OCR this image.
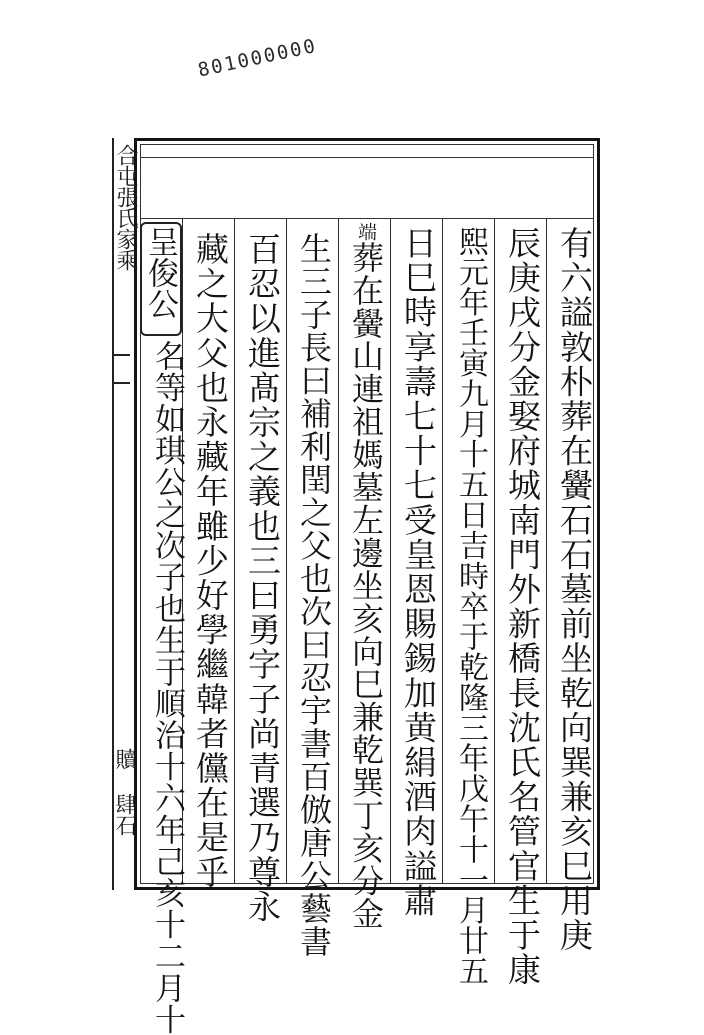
801000000
合屯張氏家乘
贖 肆石	有六謚敦朴葬在黌石石墓前坐乾向巽兼亥巳用庚
辰庚戌分金娶府城南門外新橋長沈氏名管官生于康
熙元年壬寅九月十五日吉時卒于乾隆三年戊午十一月廿五
日巳時享壽七十七受皇恩賜錫加黄絹酒肉謚肅
端葬在黌山連祖媽墓左邊坐亥向巳兼乾巽丁亥分金
生三子長曰補利閏之父也次曰忍宇書百倣唐公藝書
百忍以進髙宗之義也三曰勇字子尚青選乃尊永
藏之大父也永藏年雖少好學繼韓者儻在是乎
名等如琪公之次子也生于順治十六年己亥十二月十
呈俊公
